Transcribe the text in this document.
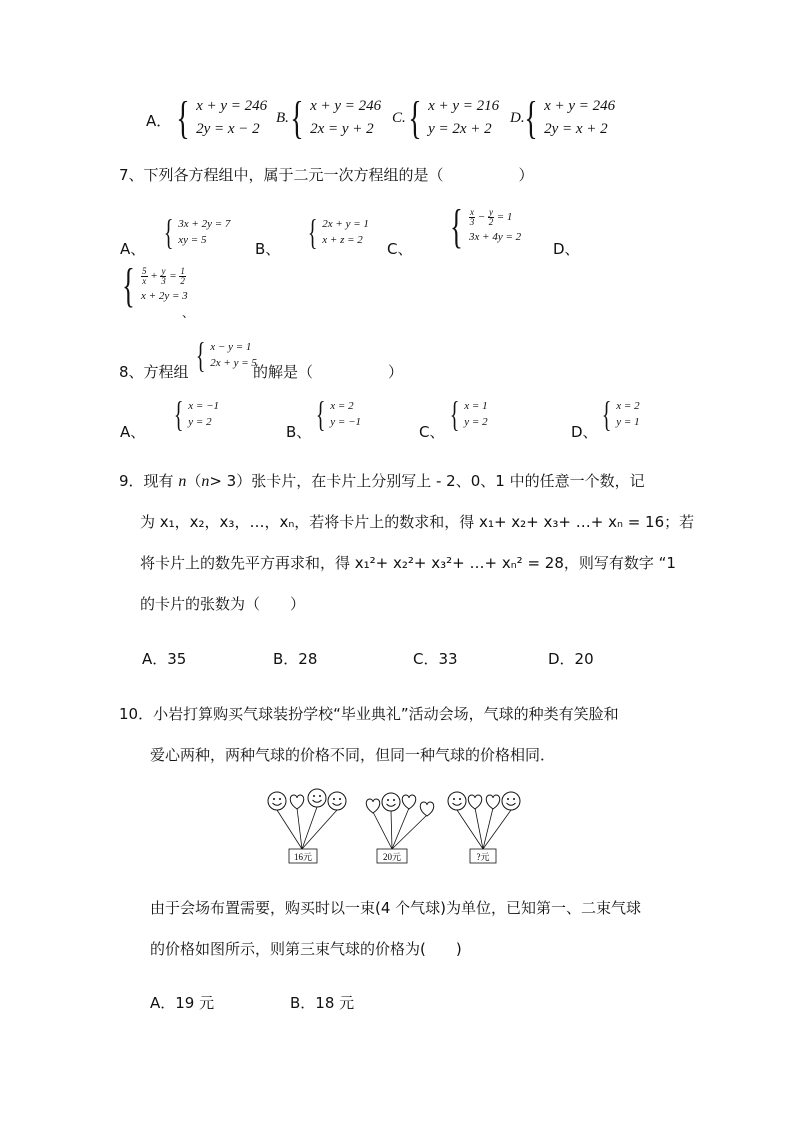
A． { x + y = 246
2y = x − 2
B. { x + y = 246
2x = y + 2
C. { x + y = 216
y = 2x + 2
D. { x + y = 246
2y = x + 2
7、下列各方程组中，属于二元一次方程组的是（　　　　　）
A、 { 3x + 2y = 7
xy = 5	B、 { 2x + y = 1
x + z = 2	C、 { $\frac{x}{3} - \frac{y}{2} = 1$
3x + 4y = 2
D、
{ $\frac{5}{x} + \frac{y}{3} = \frac{1}{2}$
x + 2y = 3
、
8、方程组 { x − y = 1
2x + y = 5
的解是（　　　　　）
A、 { x = −1
y = 2
B、 { x = 2
y = −1
C、 { x = 1
y = 2
D、 { x = 2
y = 1
9．现有 n（n> 3）张卡片，在卡片上分别写上 - 2、0、1 中的任意一个数，记
为 x₁，x₂，x₃，…，xₙ，若将卡片上的数求和，得 x₁+ x₂+ x₃+ …+ xₙ = 16；若
将卡片上的数先平方再求和，得 x₁²+ x₂²+ x₃²+ …+ xₙ² = 28，则写有数字 “1
的卡片的张数为（　　）
A．35	B．28	C．33	D．20
10．小岩打算购买气球装扮学校“毕业典礼”活动会场，气球的种类有笑脸和
爱心两种，两种气球的价格不同，但同一种气球的价格相同．
16元	20元	?元
由于会场布置需要，购买时以一束(4 个气球)为单位，已知第一、二束气球
的价格如图所示，则第三束气球的价格为(　　)
A．19 元	B．18 元
